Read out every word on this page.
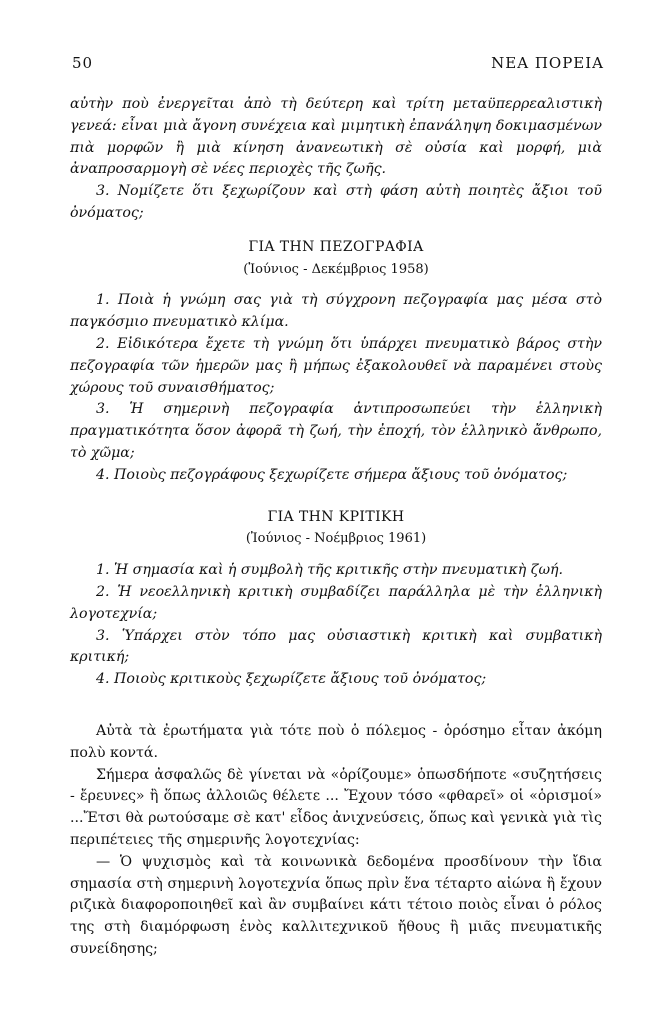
50	ΝΕΑ ΠΟΡΕΙΑ

αὐτὴν ποὺ ἐνεργεῖται ἀπὸ τὴ δεύτερη καὶ τρίτη μεταϋπερρεαλιστικὴ γενεά: εἶναι μιὰ ἄγονη συνέχεια καὶ μιμητικὴ ἐπανάληψη δοκιμασμένων πιὰ μορφῶν ἢ μιὰ κίνηση ἀνανεωτικὴ σὲ οὐσία καὶ μορφή, μιὰ ἀναπροσαρμογὴ σὲ νέες περιοχὲς τῆς ζωῆς.

3. Νομίζετε ὅτι ξεχωρίζουν καὶ στὴ φάση αὐτὴ ποιητὲς ἄξιοι τοῦ ὀνόματος;

ΓΙΑ ΤΗΝ ΠΕΖΟΓΡΑΦΙΑ
(Ἰούνιος - Δεκέμβριος 1958)

1. Ποιὰ ἡ γνώμη σας γιὰ τὴ σύγχρονη πεζογραφία μας μέσα στὸ παγκόσμιο πνευματικὸ κλίμα.

2. Εἰδικότερα ἔχετε τὴ γνώμη ὅτι ὑπάρχει πνευματικὸ βάρος στὴν πεζογραφία τῶν ἡμερῶν μας ἢ μήπως ἐξακολουθεῖ νὰ παραμένει στοὺς χώρους τοῦ συναισθήματος;

3. Ἡ σημερινὴ πεζογραφία ἀντιπροσωπεύει τὴν ἑλληνικὴ πραγματικότητα ὅσον ἀφορᾶ τὴ ζωή, τὴν ἐποχή, τὸν ἑλληνικὸ ἄνθρωπο, τὸ χῶμα;

4. Ποιοὺς πεζογράφους ξεχωρίζετε σήμερα ἄξιους τοῦ ὀνόματος;

ΓΙΑ ΤΗΝ ΚΡΙΤΙΚΗ
(Ἰούνιος - Νοέμβριος 1961)

1. Ἡ σημασία καὶ ἡ συμβολὴ τῆς κριτικῆς στὴν πνευματικὴ ζωή.

2. Ἡ νεοελληνικὴ κριτικὴ συμβαδίζει παράλληλα μὲ τὴν ἑλληνικὴ λογοτεχνία;

3. Ὑπάρχει στὸν τόπο μας οὐσιαστικὴ κριτικὴ καὶ συμβατικὴ κριτική;

4. Ποιοὺς κριτικοὺς ξεχωρίζετε ἄξιους τοῦ ὀνόματος;

Αὐτὰ τὰ ἐρωτήματα γιὰ τότε ποὺ ὁ πόλεμος - ὁρόσημο εἶταν ἀκόμη πολὺ κοντά.

Σήμερα ἀσφαλῶς δὲ γίνεται νὰ «ὁρίζουμε» ὁπωσδήποτε «συζητήσεις - ἔρευνες» ἢ ὅπως ἀλλοιῶς θέλετε ... Ἔχουν τόσο «φθαρεῖ» οἱ «ὁρισμοί» ...Ἔτσι θὰ ρωτούσαμε σὲ κατ' εἶδος ἀνιχνεύσεις, ὅπως καὶ γενικὰ γιὰ τὶς περιπέτειες τῆς σημερινῆς λογοτεχνίας:

— Ὁ ψυχισμὸς καὶ τὰ κοινωνικὰ δεδομένα προσδίνουν τὴν ἴδια σημασία στὴ σημερινὴ λογοτεχνία ὅπως πρὶν ἕνα τέταρτο αἰώνα ἢ ἔχουν ριζικὰ διαφοροποιηθεῖ καὶ ἂν συμβαίνει κάτι τέτοιο ποιὸς εἶναι ὁ ρόλος της στὴ διαμόρφωση ἑνὸς καλλιτεχνικοῦ ἤθους ἢ μιᾶς πνευματικῆς συνείδησης;
